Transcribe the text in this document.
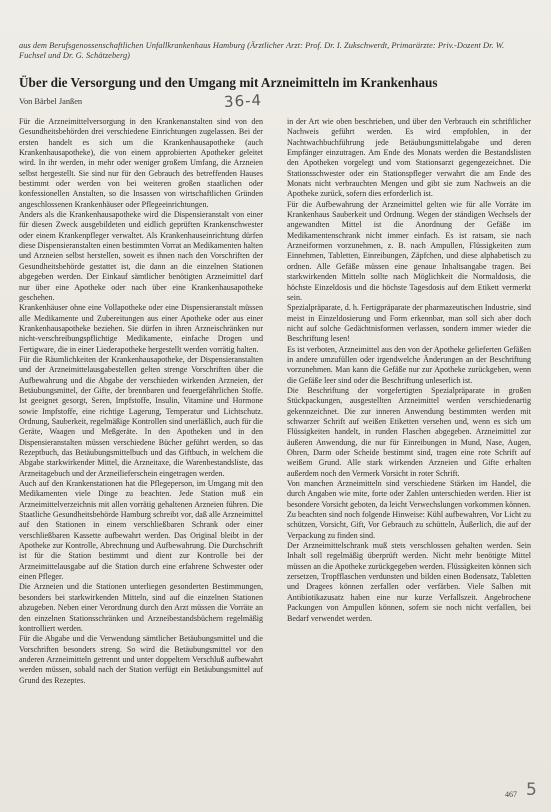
aus dem Berufsgenossenschaftlichen Unfallkrankenhaus Hamburg (Ärztlicher Arzt: Prof. Dr. I. Zukschwerdt, Primarärzte: Priv.-Dozent Dr. W. Fuchsel und Dr. G. Schätzeberg)
Über die Versorgung und den Umgang mit Arzneimitteln im Krankenhaus
Von Bärbel Janßen	36-4

Für die Arzneimittelversorgung in den Krankenanstalten sind von den Gesundheitsbehörden drei verschiedene Einrichtungen zugelassen. Bei der ersten handelt es sich um die Krankenhausapotheke (auch Krankenhausapotheke), die von einem approbierten Apotheker geleitet wird. In ihr werden, in mehr oder weniger großem Umfang, die Arzneien selbst hergestellt. Sie sind nur für den Gebrauch des betreffenden Hauses bestimmt oder werden von bei weiteren großen staatlichen oder konfessionellen Anstalten, so die Insassen von wirtschaftlichen Gründen angeschlossenen Krankenhäuser oder Pflegeeinrichtungen.

Anders als die Krankenhausapotheke wird die Dispensieranstalt von einer für diesen Zweck ausgebildeten und eidlich geprüften Krankenschwester oder einem Krankenpfleger verwaltet. Als Krankenhauseinrichtung dürfen diese Dispensieranstalten einen bestimmten Vorrat an Medikamenten halten und Arzneien selbst herstellen, soweit es ihnen nach den Vorschriften der Gesundheitsbehörde gestattet ist, die dann an die einzelnen Stationen abgegeben werden. Der Einkauf sämtlicher benötigten Arzneimittel darf nur über eine Apotheke oder nach über eine Krankenhausapotheke geschehen.

Krankenhäuser ohne eine Vollapotheke oder eine Dispensieranstalt müssen alle Medikamente und Zubereitungen aus einer Apotheke oder aus einer Krankenhausapotheke beziehen. Sie dürfen in ihren Arzneischränken nur nicht-verschreibungspflichtige Medikamente, einfache Drogen und Fertigware, die in einer Liederapotheke hergestellt werden vorrätig halten.

Für die Räumlichkeiten der Krankenhausapotheke, der Dispensieranstalten und der Arzneimittelausgabestellen gelten strenge Vorschriften über die Aufbewahrung und die Abgabe der verschieden wirkenden Arzneien, der Betäubungsmittel, der Gifte, der brennbaren und feuergefährlichen Stoffe. Ist geeignet gesorgt, Seren, Impfstoffe, Insulin, Vitamine und Hormone sowie Impfstoffe, eine richtige Lagerung, Temperatur und Lichtschutz. Ordnung, Sauberkeit, regelmäßige Kontrollen sind unerläßlich, auch für die Geräte, Waagen und Meßgeräte. In den Apotheken und in den Dispensieranstalten müssen verschiedene Bücher geführt werden, so das Rezeptbuch, das Betäubungsmittelbuch und das Giftbuch, in welchem die Abgabe starkwirkender Mittel, die Arzneitaxe, die Warenbestandsliste, das Arzneitagebuch und der Arzneilieferschein eingetragen werden.

Auch auf den Krankenstationen hat die Pflegeperson, im Umgang mit den Medikamenten viele Dinge zu beachten. Jede Station muß ein Arzneimittelverzeichnis mit allen vorrätig gehaltenen Arzneien führen. Die Staatliche Gesundheitsbehörde Hamburg schreibt vor, daß alle Arzneimittel auf den Stationen in einem verschließbaren Schrank oder einer verschließbaren Kassette aufbewahrt werden. Das Original bleibt in der Apotheke zur Kontrolle, Abrechnung und Aufbewahrung. Die Durchschrift ist für die Station bestimmt und dient zur Kontrolle bei der Arzneimittelausgabe auf die Station durch eine erfahrene Schwester oder einen Pfleger.

Die Arzneien und die Stationen unterliegen gesonderten Bestimmungen, besonders bei starkwirkenden Mitteln, sind auf die einzelnen Stationen abzugeben. Neben einer Verordnung durch den Arzt müssen die Vorräte an den einzelnen Stationsschränken und Arzneibestandsbüchern regelmäßig kontrolliert werden.

Für die Abgabe und die Verwendung sämtlicher Betäubungsmittel und die Vorschriften besonders streng. So wird die Betäubungsmittel vor den anderen Arzneimitteln getrennt und unter doppeltem Verschluß aufbewahrt werden müssen, sobald nach der Station verfügt ein Betäubungsmittel auf Grund des Rezeptes.

in der Art wie oben beschrieben, und über den Verbrauch ein schriftlicher Nachweis geführt werden. Es wird empfohlen, in der Nachtwachbuchführung jede Betäubungsmittelabgabe und deren Empfänger einzutragen. Am Ende des Monats werden die Bestandslisten den Apotheken vorgelegt und vom Stationsarzt gegengezeichnet. Die Stationsschwester oder ein Stationspfleger verwahrt die am Ende des Monats nicht verbrauchten Mengen und gibt sie zum Nachweis an die Apotheke zurück, sofern dies erforderlich ist.

Für die Aufbewahrung der Arzneimittel gelten wie für alle Vorräte im Krankenhaus Sauberkeit und Ordnung. Wegen der ständigen Wechsels der angewandten Mittel ist die Anordnung der Gefäße im Medikamentenschrank nicht immer einfach. Es ist ratsam, sie nach Arzneiformen vorzunehmen, z. B. nach Ampullen, Flüssigkeiten zum Einnehmen, Tabletten, Einreibungen, Zäpfchen, und diese alphabetisch zu ordnen. Alle Gefäße müssen eine genaue Inhaltsangabe tragen. Bei starkwirkenden Mitteln sollte nach Möglichkeit die Normaldosis, die höchste Einzeldosis und die höchste Tagesdosis auf dem Etikett vermerkt sein.

Spezialpräparate, d. h. Fertigpräparate der pharmazeutischen Industrie, sind meist in Einzeldosierung und Form erkennbar, man soll sich aber doch nicht auf solche Gedächtnisformen verlassen, sondern immer wieder die Beschriftung lesen!

Es ist verboten, Arzneimittel aus den von der Apotheke gelieferten Gefäßen in andere umzufüllen oder irgendwelche Änderungen an der Beschriftung vorzunehmen. Man kann die Gefäße nur zur Apotheke zurückgeben, wenn die Gefäße leer sind oder die Beschriftung unleserlich ist.

Die Beschriftung der vorgefertigten Spezialpräparate in großen Stückpackungen, ausgestellten Arzneimittel werden verschiedenartig gekennzeichnet. Die zur inneren Anwendung bestimmten werden mit schwarzer Schrift auf weißen Etiketten versehen und, wenn es sich um Flüssigkeiten handelt, in runden Flaschen abgegeben. Arzneimittel zur äußeren Anwendung, die nur für Einreibungen in Mund, Nase, Augen, Ohren, Darm oder Scheide bestimmt sind, tragen eine rote Schrift auf weißem Grund. Alle stark wirkenden Arzneien und Gifte erhalten außerdem noch den Vermerk Vorsicht in roter Schrift.

Von manchen Arzneimitteln sind verschiedene Stärken im Handel, die durch Angaben wie mite, forte oder Zahlen unterschieden werden. Hier ist besondere Vorsicht geboten, da leicht Verwechslungen vorkommen können.

Zu beachten sind noch folgende Hinweise: Kühl aufbewahren, Vor Licht zu schützen, Vorsicht, Gift, Vor Gebrauch zu schütteln, Äußerlich, die auf der Verpackung zu finden sind.

Der Arzneimittelschrank muß stets verschlossen gehalten werden. Sein Inhalt soll regelmäßig überprüft werden. Nicht mehr benötigte Mittel müssen an die Apotheke zurückgegeben werden. Flüssigkeiten können sich zersetzen, Tropfflaschen verdunsten und bilden einen Bodensatz, Tabletten und Dragees können zerfallen oder verfärben. Viele Salben mit Antibiotikazusatz haben eine nur kurze Verfallszeit. Angebrochene Packungen von Ampullen können, sofern sie noch nicht verfallen, bei Bedarf verwendet werden.

467 5
